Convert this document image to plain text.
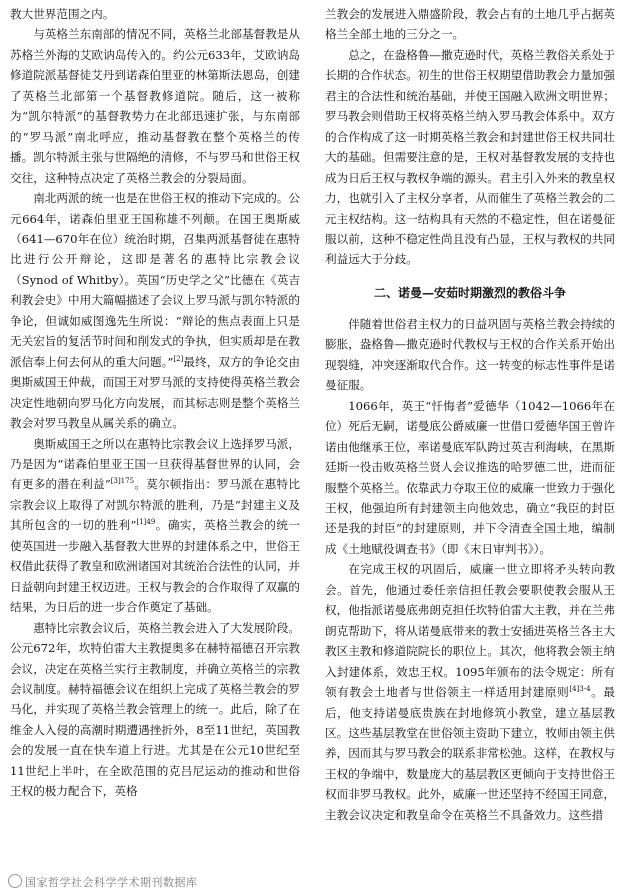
教大世界范围之内。

与英格兰东南部的情况不同，英格兰北部基督教是从苏格兰外海的艾欧讷岛传入的。约公元633年，艾欧讷岛修道院派基督徒艾丹到诺森伯里亚的林第斯法恩岛，创建了英格兰北部第一个基督教修道院。随后，这一被称为“凯尔特派”的基督教势力在北部迅速扩张，与东南部的“罗马派”南北呼应，推动基督教在整个英格兰的传播。凯尔特派主张与世隔绝的清修，不与罗马和世俗王权交往，这种特点决定了英格兰教会的分裂局面。

南北两派的统一也是在世俗王权的推动下完成的。公元664年，诺森伯里亚王国称雄不列颠。在国王奥斯威（641—670年在位）统治时期，召集两派基督徒在惠特比进行公开辩论，这即是著名的惠特比宗教会议（Synod of Whitby）。英国“历史学之父”比德在《英吉利教会史》中用大篇幅描述了会议上罗马派与凯尔特派的争论，但诚如威图逸先生所说：“辩论的焦点表面上只是无关宏旨的复活节时间和削发式的争执，但实质却是在教派信奉上何去何从的重大问题。”[2]最终，双方的争论交由奥斯威国王仲裁，而国王对罗马派的支持使得英格兰教会决定性地朝向罗马化方向发展，而其标志则是整个英格兰教会对罗马教皇从属关系的确立。

奥斯威国王之所以在惠特比宗教会议上选择罗马派，乃是因为“诺森伯里亚王国一旦获得基督世界的认同，会有更多的潜在利益”$^{[3]175}$。莫尔顿指出：罗马派在惠特比宗教会议上取得了对凯尔特派的胜利，乃是“封建主义及其所包含的一切的胜利”$^{[1]49}$。确实，英格兰教会的统一使英国进一步融入基督教大世界的封建体系之中，世俗王权借此获得了教皇和欧洲诸国对其统治合法性的认同，并日益朝向封建王权迈进。王权与教会的合作取得了双赢的结果，为日后的进一步合作奠定了基础。

惠特比宗教会议后，英格兰教会进入了大发展阶段。公元672年，坎特伯雷大主教提奥多在赫特福德召开宗教会议，决定在英格兰实行主教制度，并确立英格兰的宗教会议制度。赫特福德会议在组织上完成了英格兰教会的罗马化，并实现了英格兰教会管理上的统一。此后，除了在维金人入侵的高潮时期遭遇挫折外，8至11世纪，英国教会的发展一直在快车道上行进。尤其是在公元10世纪至11世纪上半叶，在全欧范围的克吕尼运动的推动和世俗王权的极力配合下，英格

兰教会的发展进入鼎盛阶段，教会占有的土地几乎占据英格兰全部土地的三分之一。

总之，在盎格鲁—撒克逊时代，英格兰教俗关系处于长期的合作状态。初生的世俗王权期望借助教会力量加强君主的合法性和统治基础，并使王国融入欧洲文明世界；罗马教会则借助王权将英格兰纳入罗马教会体系中。双方的合作构成了这一时期英格兰教会和封建世俗王权共同壮大的基础。但需要注意的是，王权对基督教发展的支持也成为日后王权与教权争端的源头。君主引入外来的教皇权力，也就引入了主权分享者，从而催生了英格兰教会的二元主权结构。这一结构具有天然的不稳定性，但在诺曼征服以前，这种不稳定性尚且没有凸显，王权与教权的共同利益远大于分歧。

二、诺曼—安茹时期激烈的教俗斗争

伴随着世俗君主权力的日益巩固与英格兰教会持续的膨胀，盎格鲁—撒克逊时代教权与王权的合作关系开始出现裂缝，冲突逐渐取代合作。这一转变的标志性事件是诺曼征服。

1066年，英王“忏悔者”爱德华（1042—1066年在位）死后无嗣，诺曼底公爵威廉一世借口爱德华国王曾许诺由他继承王位，率诺曼底军队跨过英吉利海峡，在黑斯廷斯一役击败英格兰贤人会议推选的哈罗德二世，进而征服整个英格兰。依靠武力夺取王位的威廉一世致力于强化王权，他强迫所有封建领主向他效忠，确立“我臣的封臣还是我的封臣”的封建原则，并下令清查全国土地，编制成《土地赋役调查书》（即《末日审判书》）。

在完成王权的巩固后，威廉一世立即将矛头转向教会。首先，他通过委任亲信担任教会要职使教会服从王权，他指派诺曼底弗朗克担任坎特伯雷大主教，并在兰弗朗克帮助下，将从诺曼底带来的教士安插进英格兰各主大教区主教和修道院院长的职位上。其次，他将教会领主纳入封建体系，效忠王权。1095年颁布的法令规定：所有领有教会土地者与世俗领主一样适用封建原则$^{[4]3-4}$。最后，他支持诺曼底贵族在封地修筑小教堂，建立基层教区。这些基层教堂在世俗领主资助下建立，牧师由领主供养，因而其与罗马教会的联系非常松弛。这样，在教权与王权的争端中，数量庞大的基层教区更倾向于支持世俗王权而非罗马教权。此外，威廉一世还坚持不经国王同意，主教会议决定和教皇命令在英格兰不具备效力。这些措

国家哲学社会科学学术期刊数据库
